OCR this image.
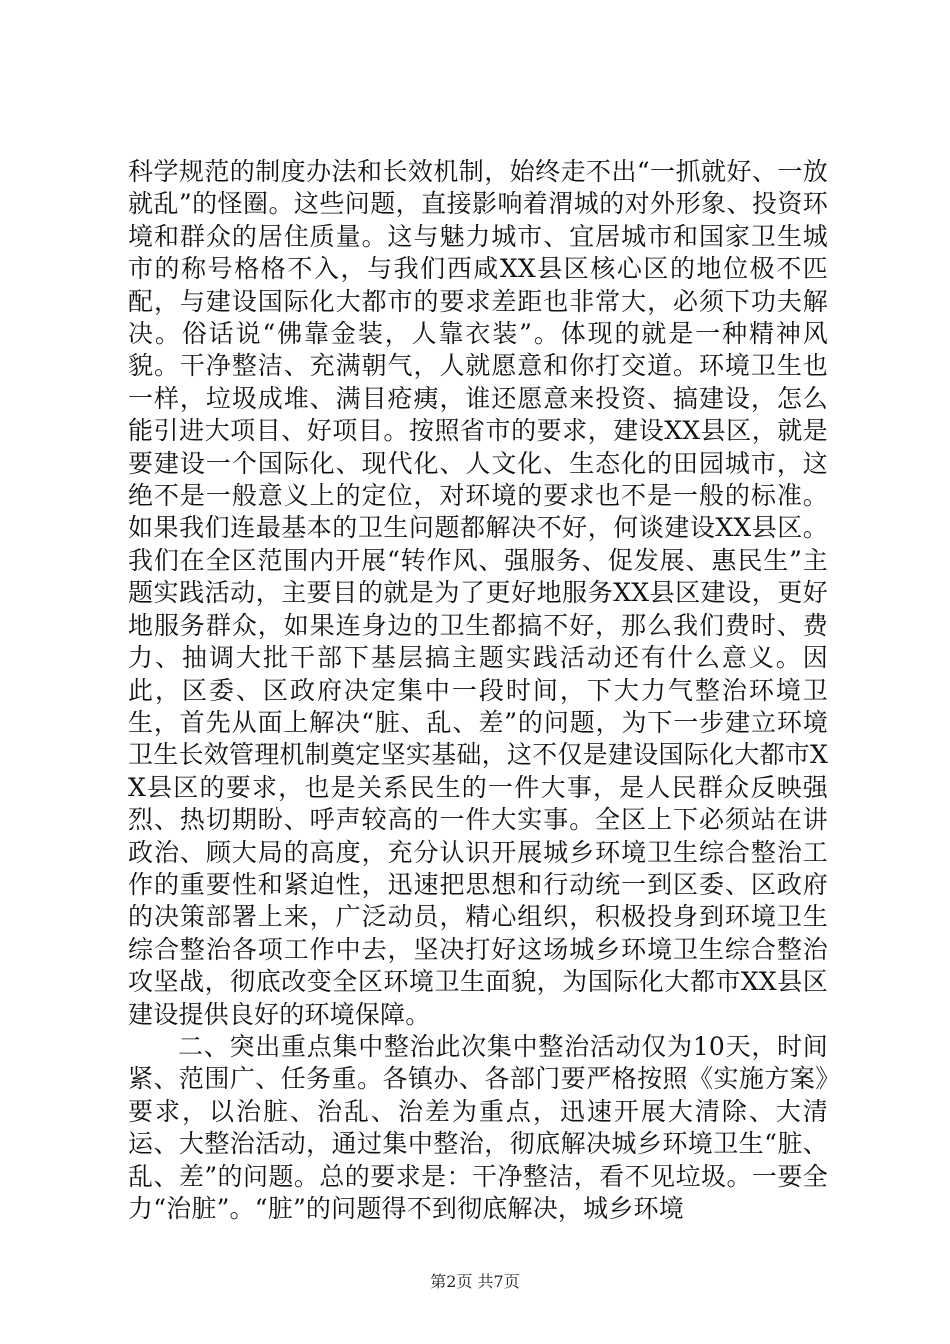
科学规范的制度办法和长效机制，始终走不出“一抓就好、一放就乱”的怪圈。这些问题，直接影响着渭城的对外形象、投资环境和群众的居住质量。这与魅力城市、宜居城市和国家卫生城市的称号格格不入，与我们西咸XX县区核心区的地位极不匹配，与建设国际化大都市的要求差距也非常大，必须下功夫解决。俗话说“佛靠金装，人靠衣装”。体现的就是一种精神风貌。干净整洁、充满朝气，人就愿意和你打交道。环境卫生也一样，垃圾成堆、满目疮痍，谁还愿意来投资、搞建设，怎么能引进大项目、好项目。按照省市的要求，建设XX县区，就是要建设一个国际化、现代化、人文化、生态化的田园城市，这绝不是一般意义上的定位，对环境的要求也不是一般的标准。如果我们连最基本的卫生问题都解决不好，何谈建设XX县区。我们在全区范围内开展“转作风、强服务、促发展、惠民生”主题实践活动，主要目的就是为了更好地服务XX县区建设，更好地服务群众，如果连身边的卫生都搞不好，那么我们费时、费力、抽调大批干部下基层搞主题实践活动还有什么意义。因此，区委、区政府决定集中一段时间，下大力气整治环境卫生，首先从面上解决“脏、乱、差”的问题，为下一步建立环境卫生长效管理机制奠定坚实基础，这不仅是建设国际化大都市XX县区的要求，也是关系民生的一件大事，是人民群众反映强烈、热切期盼、呼声较高的一件大实事。全区上下必须站在讲政治、顾大局的高度，充分认识开展城乡环境卫生综合整治工作的重要性和紧迫性，迅速把思想和行动统一到区委、区政府的决策部署上来，广泛动员，精心组织，积极投身到环境卫生综合整治各项工作中去，坚决打好这场城乡环境卫生综合整治攻坚战，彻底改变全区环境卫生面貌，为国际化大都市XX县区建设提供良好的环境保障。

二、突出重点集中整治此次集中整治活动仅为10天，时间紧、范围广、任务重。各镇办、各部门要严格按照《实施方案》要求，以治脏、治乱、治差为重点，迅速开展大清除、大清运、大整治活动，通过集中整治，彻底解决城乡环境卫生“脏、乱、差”的问题。总的要求是：干净整洁，看不见垃圾。一要全力“治脏”。“脏”的问题得不到彻底解决，城乡环境

第2页 共7页
